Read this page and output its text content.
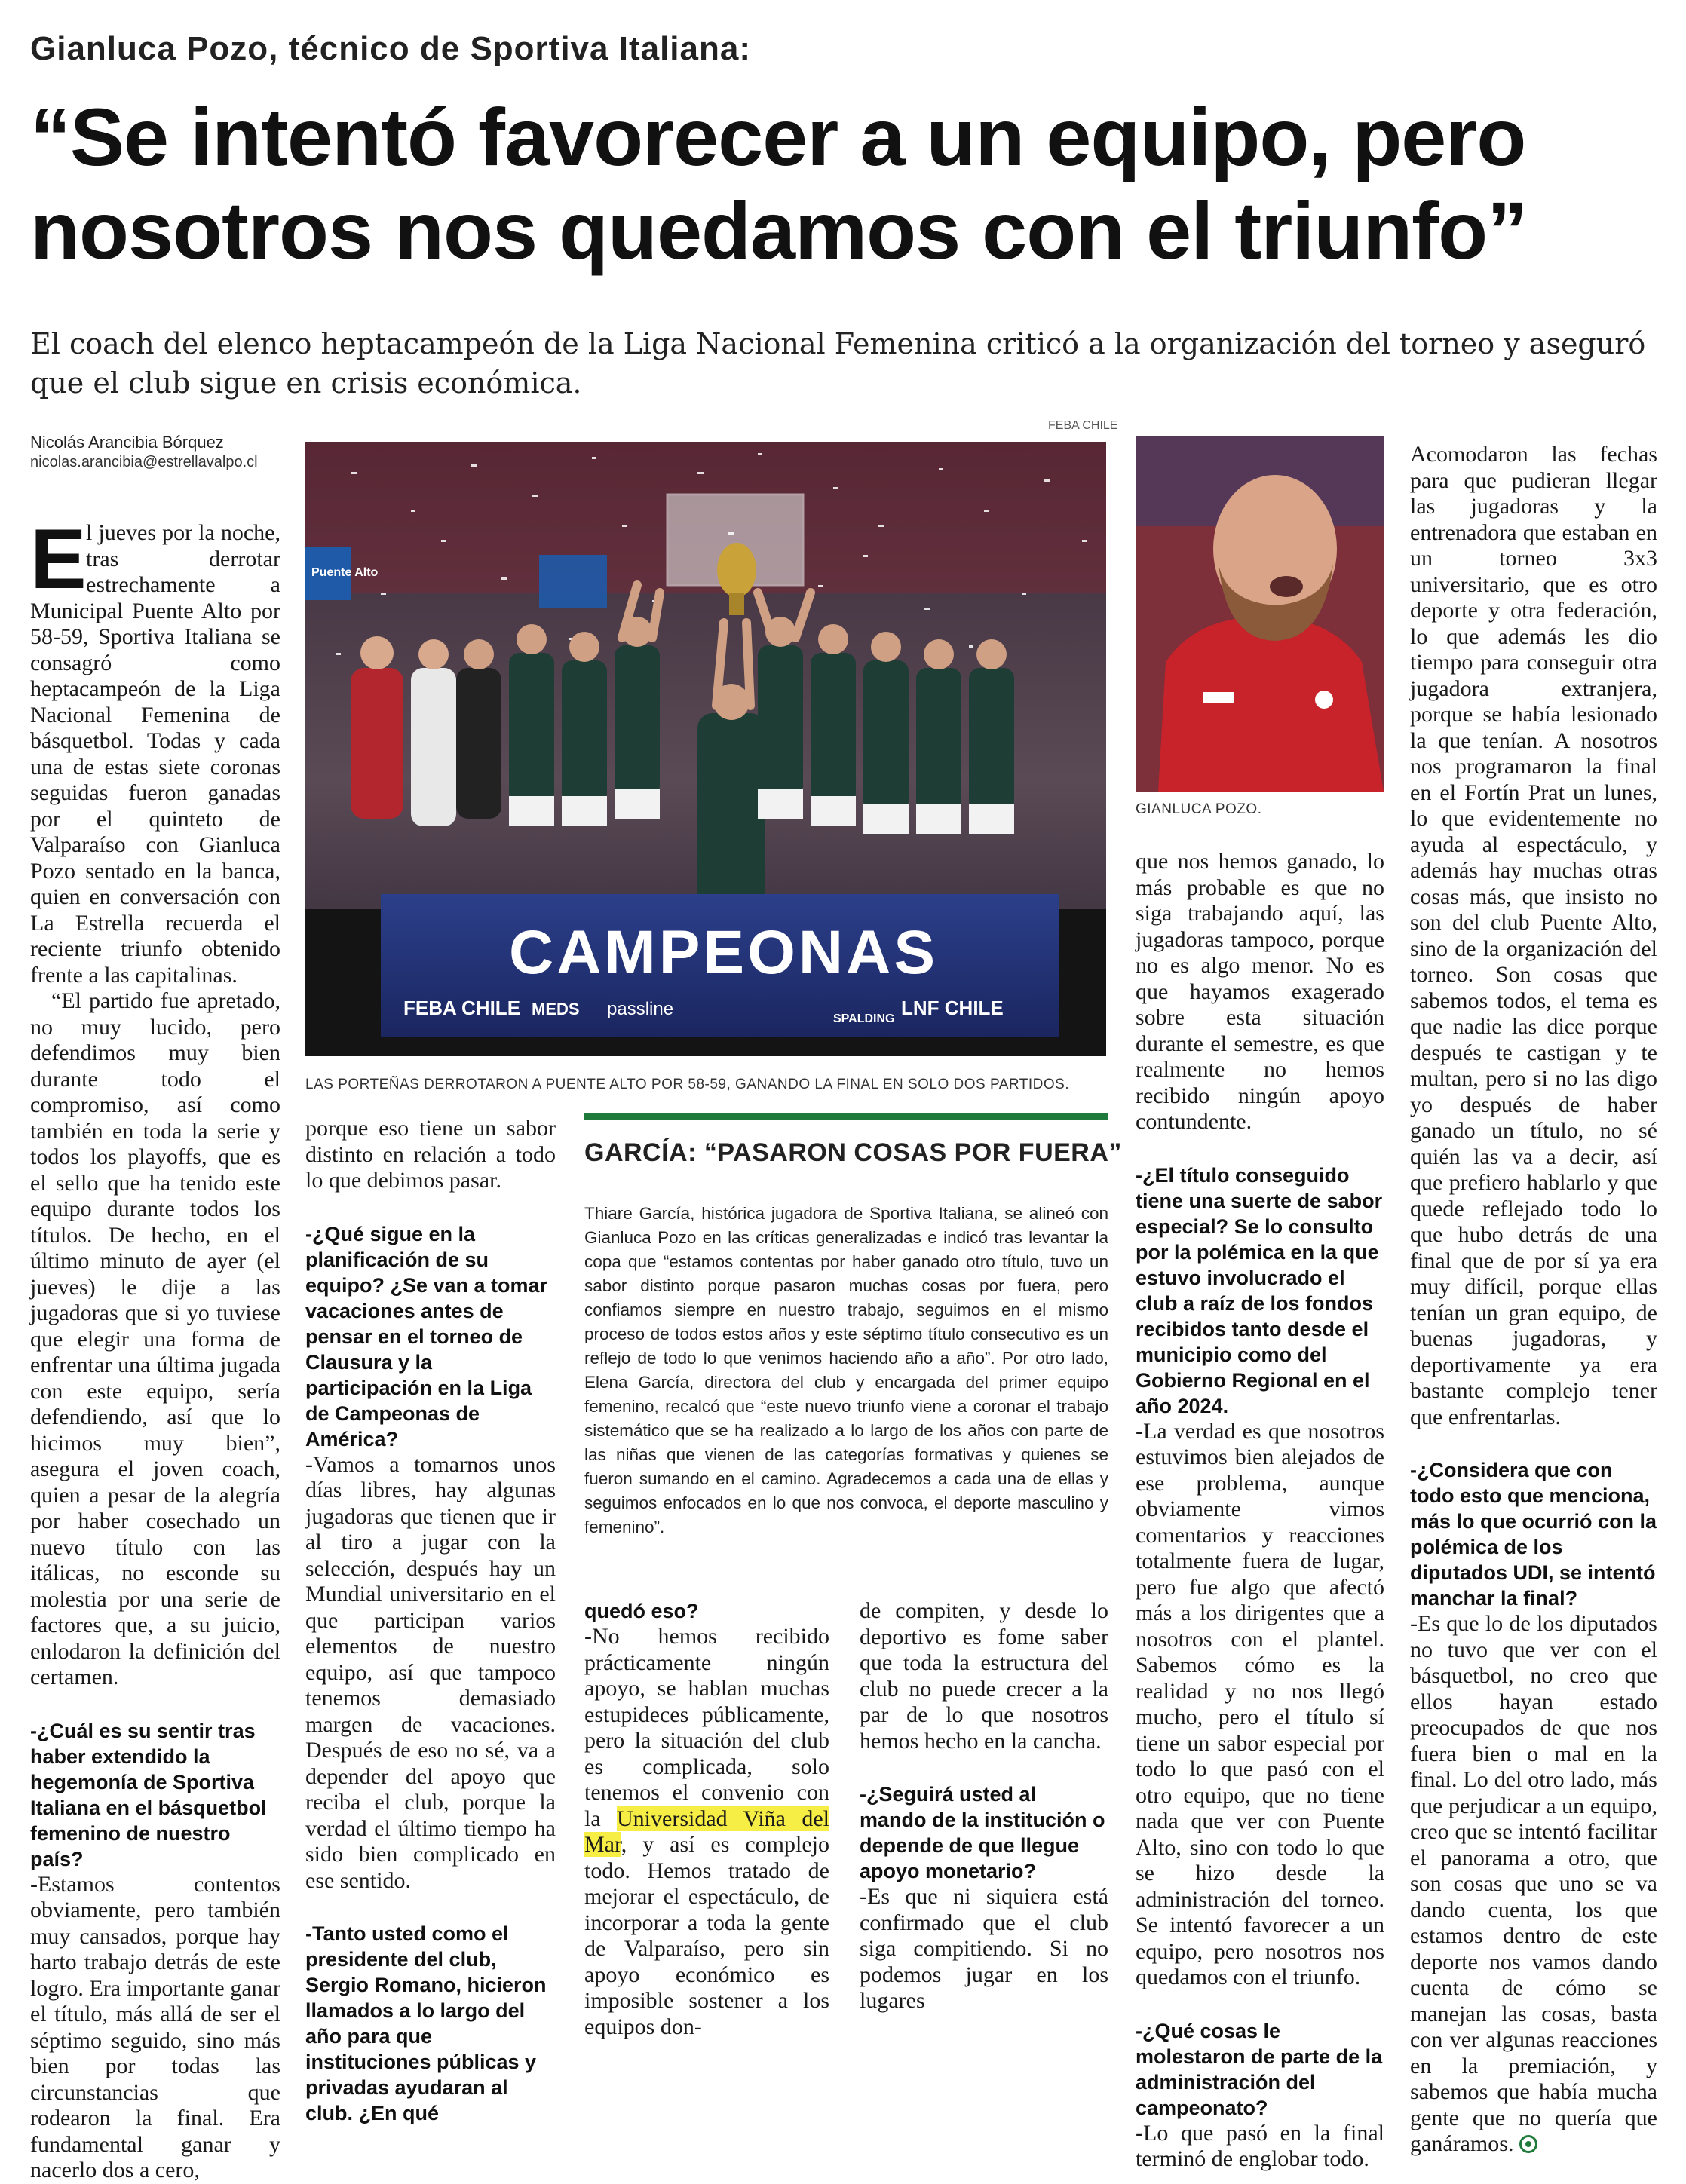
Gianluca Pozo, técnico de Sportiva Italiana:
“Se intentó favorecer a un equipo, pero nosotros nos quedamos con el triunfo”
El coach del elenco heptacampeón de la Liga Nacional Femenina criticó a la organización del torneo y aseguró que el club sigue en crisis económica.
Nicolás Arancibia Bórquez
nicolas.arancibia@estrellavalpo.cl
FEBA CHILE
Puente Alto
CAMPEONAS
FEBA CHILE MEDS passline	SPALDING LNF CHILE
LAS PORTEÑAS DERROTARON A PUENTE ALTO POR 58-59, GANANDO LA FINAL EN SOLO DOS PARTIDOS.
GIANLUCA POZO.

El jueves por la noche, tras derrotar estrechamente a Municipal Puente Alto por 58-59, Sportiva Italiana se consagró como heptacampeón de la Liga Nacional Femenina de básquetbol. Todas y cada una de estas siete coronas seguidas fueron ganadas por el quinteto de Valparaíso con Gianluca Pozo sentado en la banca, quien en conversación con La Estrella recuerda el reciente triunfo obtenido frente a las capitalinas.

“El partido fue apretado, no muy lucido, pero defendimos muy bien durante todo el compromiso, así como también en toda la serie y todos los playoffs, que es el sello que ha tenido este equipo durante todos los títulos. De hecho, en el último minuto de ayer (el jueves) le dije a las jugadoras que si yo tuviese que elegir una forma de enfrentar una última jugada con este equipo, sería defendiendo, así que lo hicimos muy bien”, asegura el joven coach, quien a pesar de la alegría por haber cosechado un nuevo título con las itálicas, no esconde su molestia por una serie de factores que, a su juicio, enlodaron la definición del certamen.

-¿Cuál es su sentir tras haber extendido la hegemonía de Sportiva Italiana en el básquetbol femenino de nuestro país?

-Estamos contentos obviamente, pero también muy cansados, porque hay harto trabajo detrás de este logro. Era importante ganar el título, más allá de ser el séptimo seguido, sino más bien por todas las circunstancias que rodearon la final. Era fundamental ganar y nacerlo dos a cero,

porque eso tiene un sabor distinto en relación a todo lo que debimos pasar.

-¿Qué sigue en la planificación de su equipo? ¿Se van a tomar vacaciones antes de pensar en el torneo de Clausura y la participación en la Liga de Campeonas de América?

-Vamos a tomarnos unos días libres, hay algunas jugadoras que tienen que ir al tiro a jugar con la selección, después hay un Mundial universitario en el que participan varios elementos de nuestro equipo, así que tampoco tenemos demasiado margen de vacaciones. Después de eso no sé, va a depender del apoyo que reciba el club, porque la verdad el último tiempo ha sido bien complicado en ese sentido.

-Tanto usted como el presidente del club, Sergio Romano, hicieron llamados a lo largo del año para que instituciones públicas y privadas ayudaran al club. ¿En qué

GARCÍA: “PASARON COSAS POR FUERA”
Thiare García, histórica jugadora de Sportiva Italiana, se alineó con Gianluca Pozo en las críticas generalizadas e indicó tras levantar la copa que “estamos contentas por haber ganado otro título, tuvo un sabor distinto porque pasaron muchas cosas por fuera, pero confiamos siempre en nuestro trabajo, seguimos en el mismo proceso de todos estos años y este séptimo título consecutivo es un reflejo de todo lo que venimos haciendo año a año”. Por otro lado, Elena García, directora del club y encargada del primer equipo femenino, recalcó que “este nuevo triunfo viene a coronar el trabajo sistemático que se ha realizado a lo largo de los años con parte de las niñas que vienen de las categorías formativas y quienes se fueron sumando en el camino. Agradecemos a cada una de ellas y seguimos enfocados en lo que nos convoca, el deporte masculino y femenino”.

quedó eso?

-No hemos recibido prácticamente ningún apoyo, se hablan muchas estupideces públicamente, pero la situación del club es complicada, solo tenemos el convenio con la Universidad Viña del Mar, y así es complejo todo. Hemos tratado de mejorar el espectáculo, de incorporar a toda la gente de Valparaíso, pero sin apoyo económico es imposible sostener a los equipos don-

de compiten, y desde lo deportivo es fome saber que toda la estructura del club no puede crecer a la par de lo que nosotros hemos hecho en la cancha.

-¿Seguirá usted al mando de la institución o depende de que llegue apoyo monetario?

-Es que ni siquiera está confirmado que el club siga compitiendo. Si no podemos jugar en los lugares

que nos hemos ganado, lo más probable es que no siga trabajando aquí, las jugadoras tampoco, porque no es algo menor. No es que hayamos exagerado sobre esta situación durante el semestre, es que realmente no hemos recibido ningún apoyo contundente.

-¿El título conseguido tiene una suerte de sabor especial? Se lo consulto por la polémica en la que estuvo involucrado el club a raíz de los fondos recibidos tanto desde el municipio como del Gobierno Regional en el año 2024.

-La verdad es que nosotros estuvimos bien alejados de ese problema, aunque obviamente vimos comentarios y reacciones totalmente fuera de lugar, pero fue algo que afectó más a los dirigentes que a nosotros con el plantel. Sabemos cómo es la realidad y no nos llegó mucho, pero el título sí tiene un sabor especial por todo lo que pasó con el otro equipo, que no tiene nada que ver con Puente Alto, sino con todo lo que se hizo desde la administración del torneo. Se intentó favorecer a un equipo, pero nosotros nos quedamos con el triunfo.

-¿Qué cosas le molestaron de parte de la administración del campeonato?

-Lo que pasó en la final terminó de englobar todo.

Acomodaron las fechas para que pudieran llegar las jugadoras y la entrenadora que estaban en un torneo 3x3 universitario, que es otro deporte y otra federación, lo que además les dio tiempo para conseguir otra jugadora extranjera, porque se había lesionado la que tenían. A nosotros nos programaron la final en el Fortín Prat un lunes, lo que evidentemente no ayuda al espectáculo, y además hay muchas otras cosas más, que insisto no son del club Puente Alto, sino de la organización del torneo. Son cosas que sabemos todos, el tema es que nadie las dice porque después te castigan y te multan, pero si no las digo yo después de haber ganado un título, no sé quién las va a decir, así que prefiero hablarlo y que quede reflejado todo lo que hubo detrás de una final que de por sí ya era muy difícil, porque ellas tenían un gran equipo, de buenas jugadoras, y deportivamente ya era bastante complejo tener que enfrentarlas.

-¿Considera que con todo esto que menciona, más lo que ocurrió con la polémica de los diputados UDI, se intentó manchar la final?

-Es que lo de los diputados no tuvo que ver con el básquetbol, no creo que ellos hayan estado preocupados de que nos fuera bien o mal en la final. Lo del otro lado, más que perjudicar a un equipo, creo que se intentó facilitar el panorama a otro, que son cosas que uno se va dando cuenta, los que estamos dentro de este deporte nos vamos dando cuenta de cómo se manejan las cosas, basta con ver algunas reacciones en la premiación, y sabemos que había mucha gente que no quería que ganáramos.
